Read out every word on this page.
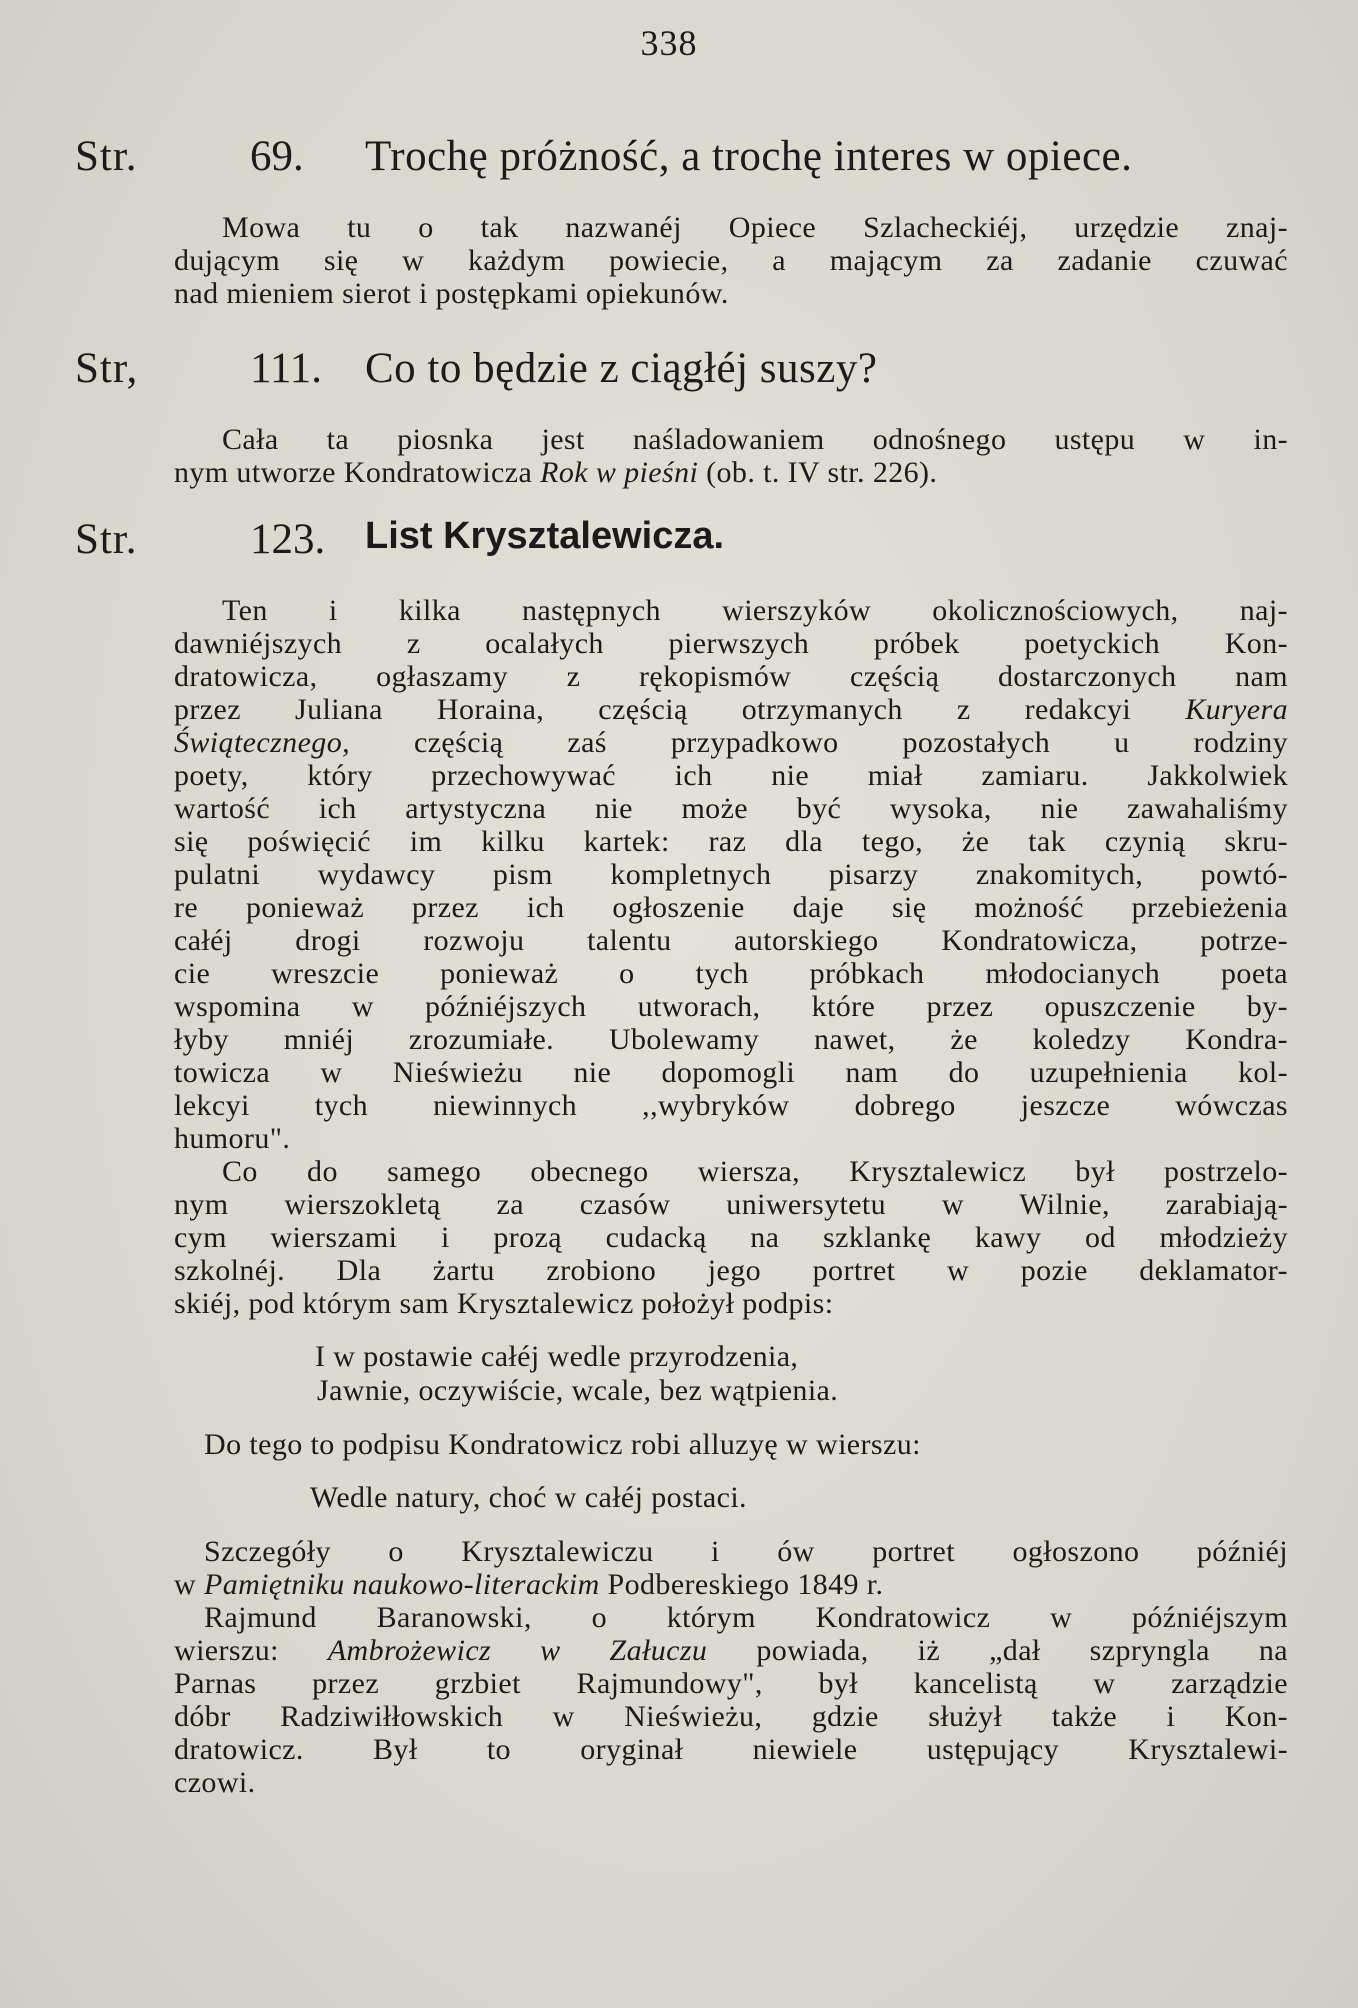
338
Str.	69.	Trochę próżność, a trochę interes w opiece.
Mowa tu o tak nazwanéj Opiece Szlacheckiéj, urzędzie znaj-
dującym się w każdym powiecie, a mającym za zadanie czuwać
nad mieniem sierot i postępkami opiekunów.
Str,	111. Co to będzie z ciągłéj suszy?
Cała ta piosnka jest naśladowaniem odnośnego ustępu w in-
nym utworze Kondratowicza Rok w pieśni (ob. t. IV str. 226).
Str.	123.	List Krysztalewicza.
Ten i kilka następnych wierszyków okolicznościowych, naj-
dawniéjszych z ocalałych pierwszych próbek poetyckich Kon-
dratowicza, ogłaszamy z rękopismów częścią dostarczonych nam
przez Juliana Horaina, częścią otrzymanych z redakcyi Kuryera
Świątecznego, częścią zaś przypadkowo pozostałych u rodziny
poety, który przechowywać ich nie miał zamiaru. Jakkolwiek
wartość ich artystyczna nie może być wysoka, nie zawahaliśmy
się poświęcić im kilku kartek: raz dla tego, że tak czynią skru-
pulatni wydawcy pism kompletnych pisarzy znakomitych, powtó-
re ponieważ przez ich ogłoszenie daje się możność przebieżenia
całéj drogi rozwoju talentu autorskiego Kondratowicza, potrze-
cie wreszcie ponieważ o tych próbkach młodocianych poeta
wspomina w późniéjszych utworach, które przez opuszczenie by-
łyby mniéj zrozumiałe. Ubolewamy nawet, że koledzy Kondra-
towicza w Nieświeżu nie dopomogli nam do uzupełnienia kol-
lekcyi tych niewinnych ,,wybryków dobrego jeszcze wówczas
humoru".
Co do samego obecnego wiersza, Krysztalewicz był postrzelo-
nym wierszokletą za czasów uniwersytetu w Wilnie, zarabiają-
cym wierszami i prozą cudacką na szklankę kawy od młodzieży
szkolnéj. Dla żartu zrobiono jego portret w pozie deklamator-
skiéj, pod którym sam Krysztalewicz położył podpis:
I w postawie całéj wedle przyrodzenia,
Jawnie, oczywiście, wcale, bez wątpienia.
Do tego to podpisu Kondratowicz robi alluzyę w wierszu:
Wedle natury, choć w całéj postaci.
Szczegóły o Krysztalewiczu i ów portret ogłoszono późniéj
w Pamiętniku naukowo-literackim Podbereskiego 1849 r.
Rajmund Baranowski, o którym Kondratowicz w późniéjszym
wierszu: Ambrożewicz w Załuczu powiada, iż „dał szpryngla na
Parnas przez grzbiet Rajmundowy", był kancelistą w zarządzie
dóbr Radziwiłłowskich w Nieświeżu, gdzie służył także i Kon-
dratowicz. Był to oryginał niewiele ustępujący Krysztalewi-
czowi.
